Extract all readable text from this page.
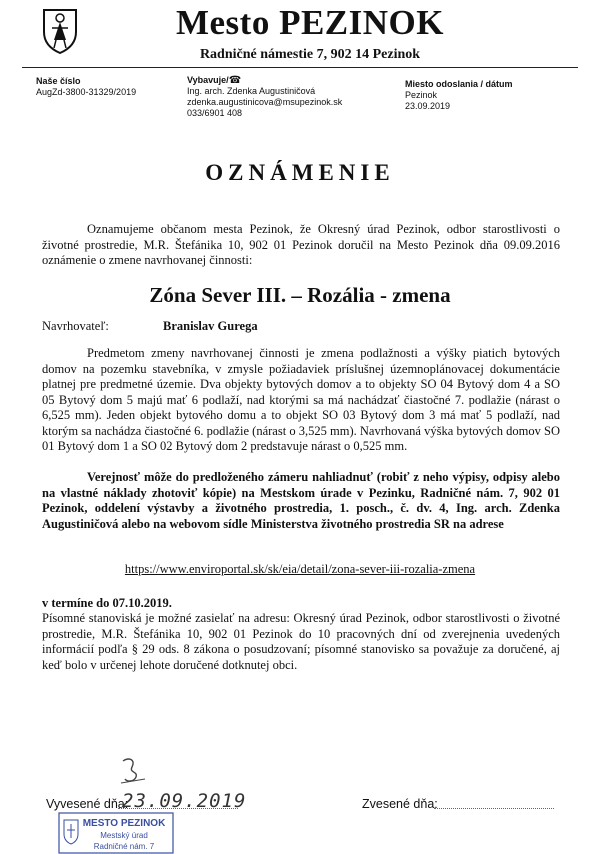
Mesto PEZINOK
Radničné námestie 7, 902 14 Pezinok
Naše číslo
AugZd-3800-31329/2019
Vybavuje/☎
Ing. arch. Zdenka Augustiničová
zdenka.augustinicova@msupezinok.sk
033/6901 408
Miesto odoslania / dátum
Pezinok
23.09.2019
OZNÁMENIE
Oznamujeme občanom mesta Pezinok, že Okresný úrad Pezinok, odbor starostlivosti o životné prostredie, M.R. Štefánika 10, 902 01 Pezinok doručil na Mesto Pezinok dňa 09.09.2016 oznámenie o zmene navrhovanej činnosti:
Zóna Sever III. – Rozália - zmena
Navrhovateľ:	Branislav Gurega
Predmetom zmeny navrhovanej činnosti je zmena podlažnosti a výšky piatich bytových domov na pozemku stavebníka, v zmysle požiadaviek príslušnej územnoplánovacej dokumentácie platnej pre predmetné územie. Dva objekty bytových domov a to objekty SO 04 Bytový dom 4 a SO 05 Bytový dom 5 majú mať 6 podlaží, nad ktorými sa má nachádzať čiastočné 7. podlažie (nárast o 6,525 mm). Jeden objekt bytového domu a to objekt SO 03 Bytový dom 3 má mať 5 podlaží, nad ktorým sa nachádza čiastočné 6. podlažie (nárast o 3,525 mm). Navrhovaná výška bytových domov SO 01 Bytový dom 1 a SO 02 Bytový dom 2 predstavuje nárast o 0,525 mm.
Verejnosť môže do predloženého zámeru nahliadnuť (robiť z neho výpisy, odpisy alebo na vlastné náklady zhotoviť kópie) na Mestskom úrade v Pezinku, Radničné nám. 7, 902 01 Pezinok, oddelení výstavby a životného prostredia, 1. posch., č. dv. 4, Ing. arch. Zdenka Augustiničová alebo na webovom sídle Ministerstva životného prostredia SR na adrese
https://www.enviroportal.sk/sk/eia/detail/zona-sever-iii-rozalia-zmena
v termíne do 07.10.2019.
Písomné stanoviská je možné zasielať na adresu: Okresný úrad Pezinok, odbor starostlivosti o životné prostredie, M.R. Štefánika 10, 902 01 Pezinok do 10 pracovných dní od zverejnenia uvedených informácií podľa § 29 ods. 8 zákona o posudzovaní; písomné stanovisko sa považuje za doručené, aj keď bolo v určenej lehote doručené dotknutej obci.
Vyvesené dňa:
23.09.2019	Zvesené dňa:
MESTO PEZINOK
Mestský úrad
Radničné nám. 7
